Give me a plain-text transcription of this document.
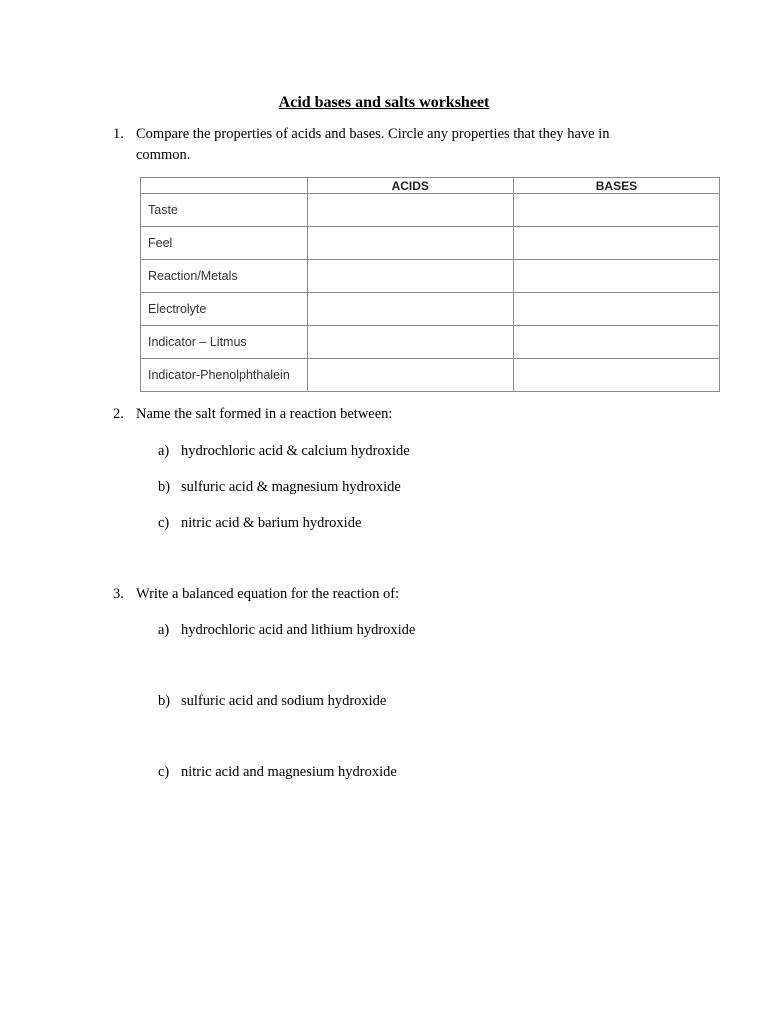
Acid bases and salts worksheet
1. Compare the properties of acids and bases. Circle any properties that they have in common.
	ACIDS	BASES
Taste		
Feel		
Reaction/Metals		
Electrolyte		
Indicator – Litmus		
Indicator-Phenolphthalein		
2. Name the salt formed in a reaction between:
a) hydrochloric acid & calcium hydroxide
b) sulfuric acid & magnesium hydroxide
c) nitric acid & barium hydroxide
3. Write a balanced equation for the reaction of:
a) hydrochloric acid and lithium hydroxide
b) sulfuric acid and sodium hydroxide
c) nitric acid and magnesium hydroxide
